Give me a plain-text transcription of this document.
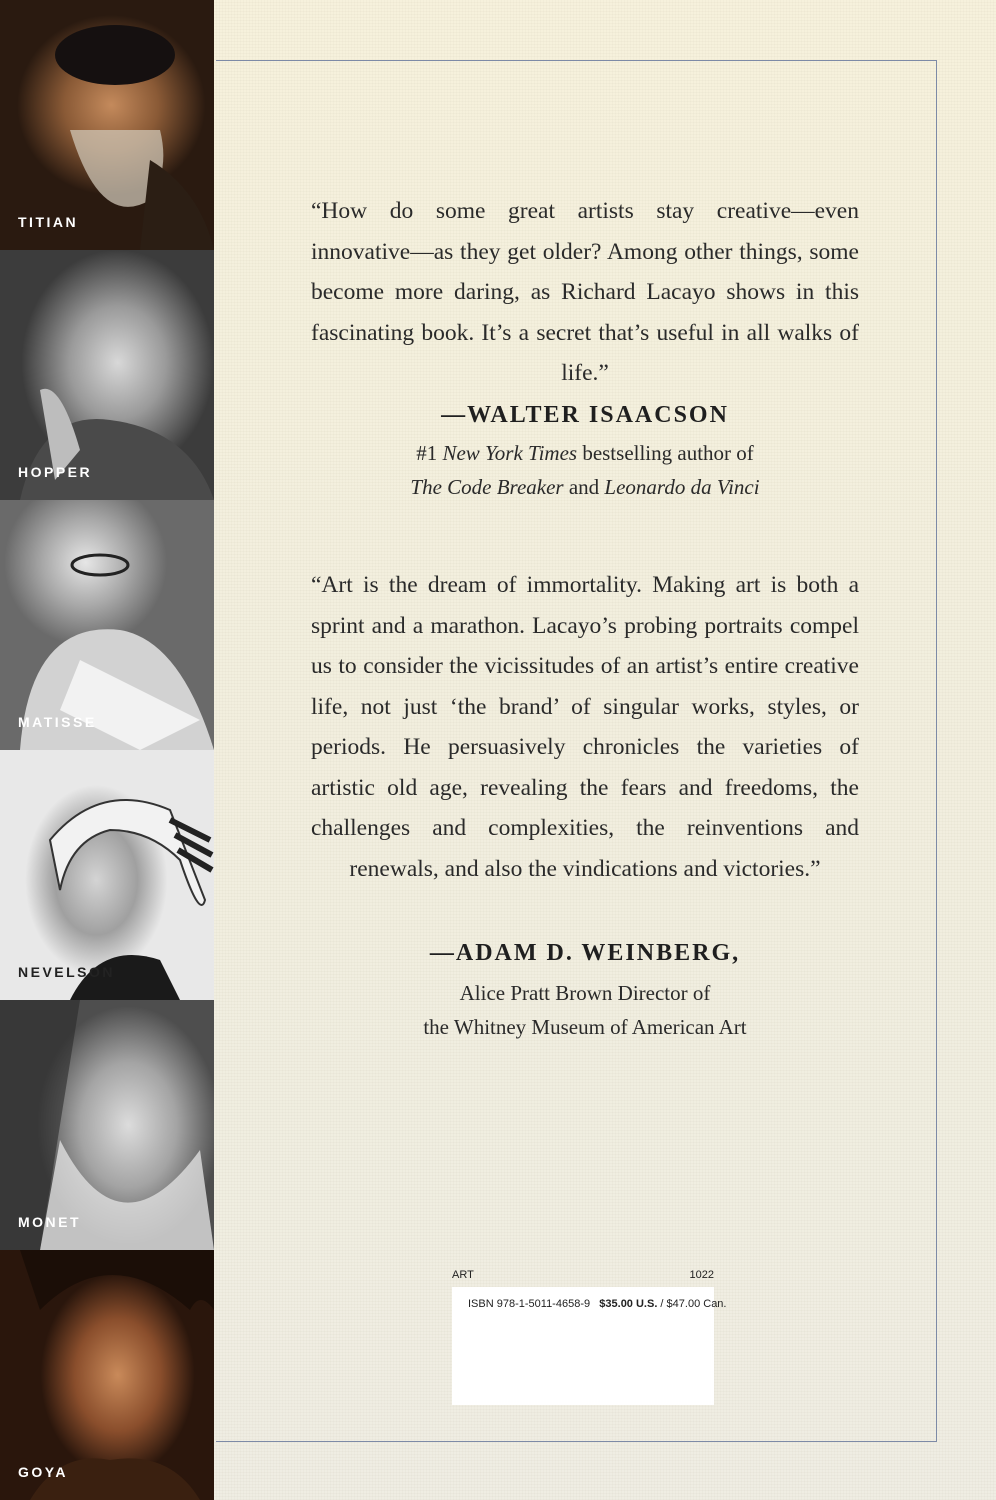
TITIAN
HOPPER
MATISSE
NEVELSON
MONET
GOYA
“How do some great artists stay creative—even innovative—as they get older? Among other things, some become more daring, as Richard Lacayo shows in this fascinating book. It’s a secret that’s useful in all walks of life.”
—WALTER ISAACSON
#1 New York Times bestselling author of
The Code Breaker and Leonardo da Vinci
“Art is the dream of immortality. Making art is both a sprint and a marathon. Lacayo’s probing portraits compel us to consider the vicissitudes of an artist’s entire creative life, not just ‘the brand’ of singular works, styles, or periods. He persuasively chronicles the varieties of artistic old age, revealing the fears and freedoms, the challenges and complexities, the reinventions and renewals, and also the vindications and victories.”
—ADAM D. WEINBERG,
Alice Pratt Brown Director of
the Whitney Museum of American Art
ART	1022
ISBN 978-1-5011-4658-9 $35.00 U.S. / $47.00 Can.
